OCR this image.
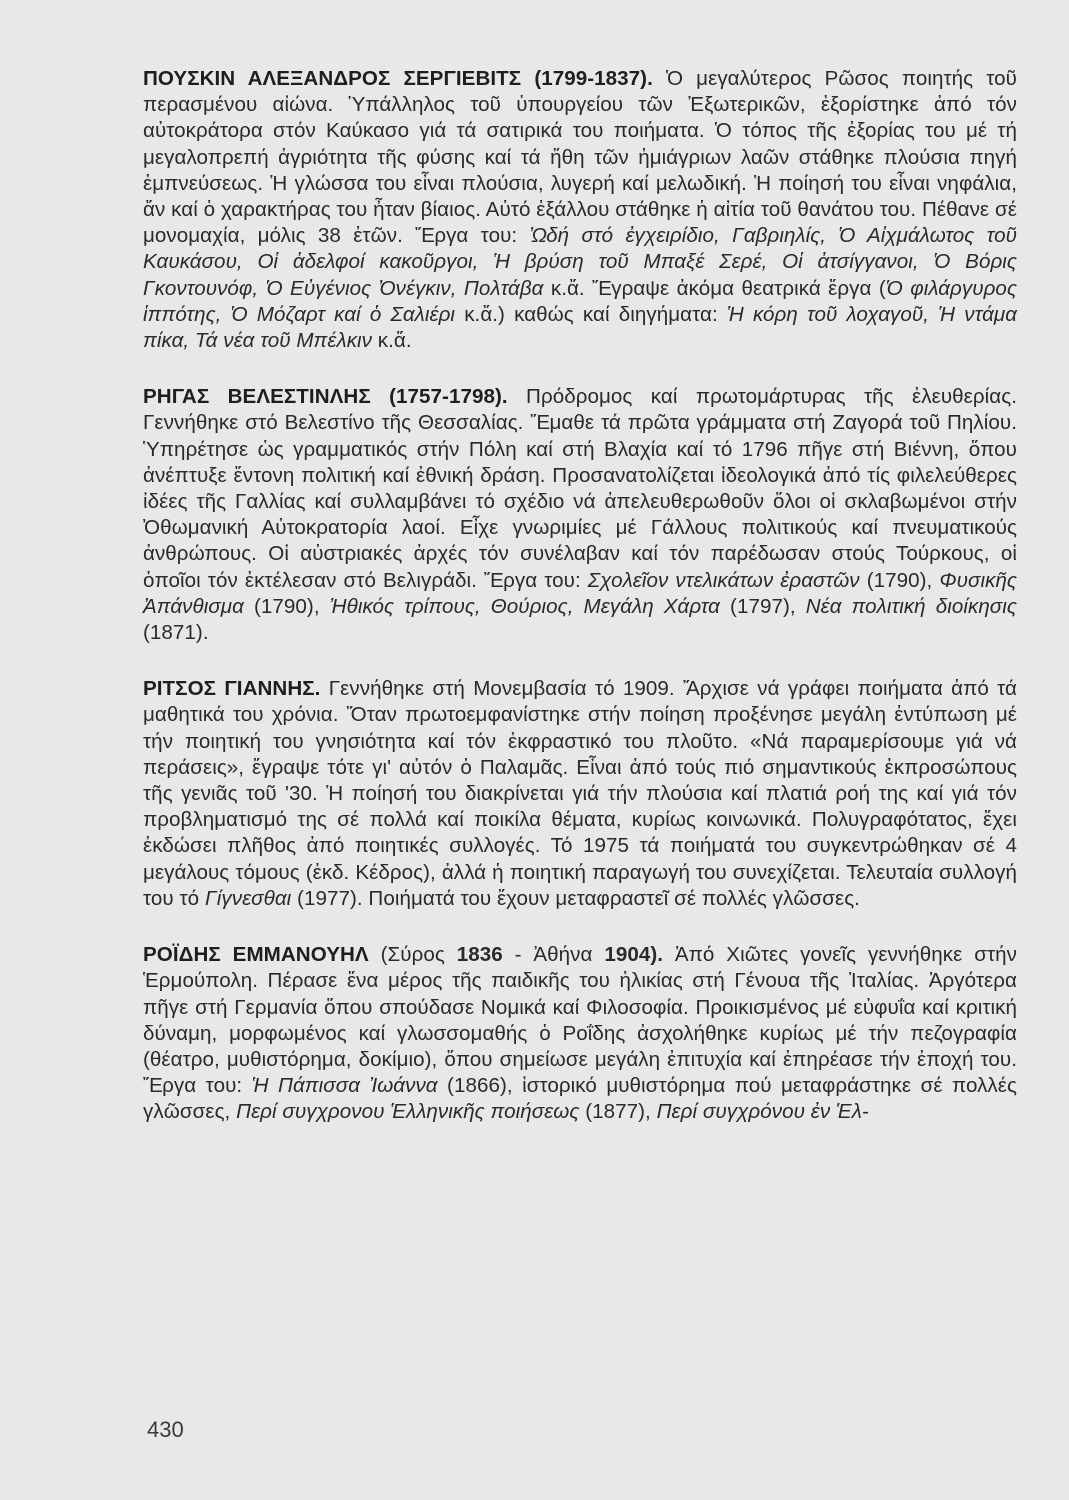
ΠΟΥΣΚΙΝ ΑΛΕΞΑΝΔΡΟΣ ΣΕΡΓΙΕΒΙΤΣ (1799-1837). Ὁ μεγαλύτερος Ρῶσος ποιητής τοῦ περασμένου αἰώνα. Ὑπάλληλος τοῦ ὑπουργείου τῶν Ἐξωτερικῶν, ἐξορίστηκε ἀπό τόν αὐτοκράτορα στόν Καύκασο γιά τά σατιρικά του ποιήματα. Ὁ τόπος τῆς ἐξορίας του μέ τή μεγαλοπρεπή ἀγριότητα τῆς φύσης καί τά ἤθη τῶν ἡμιάγριων λαῶν στάθηκε πλούσια πηγή ἐμπνεύσεως. Ἡ γλώσσα του εἶναι πλούσια, λυγερή καί μελωδική. Ἡ ποίησή του εἶναι νηφάλια, ἄν καί ὁ χαρακτήρας του ἦταν βίαιος. Αὐτό ἐξάλλου στάθηκε ἡ αἰτία τοῦ θανάτου του. Πέθανε σέ μονομαχία, μόλις 38 ἐτῶν. Ἔργα του: Ὠδή στό ἐγχειρίδιο, Γαβριηλίς, Ὁ Αἰχμάλωτος τοῦ Καυκάσου, Οἱ ἀδελφοί κακοῦργοι, Ἡ βρύση τοῦ Μπαξέ Σερέ, Οἱ ἀτσίγγανοι, Ὁ Βόρις Γκοντουνόφ, Ὁ Εὐγένιος Ὀνέγκιν, Πολτάβα κ.ἄ. Ἔγραψε ἀκόμα θεατρικά ἔργα (Ὁ φιλάργυρος ἱππότης, Ὁ Μόζαρτ καί ὁ Σαλιέρι κ.ἄ.) καθώς καί διηγήματα: Ἡ κόρη τοῦ λοχαγοῦ, Ἡ ντάμα πίκα, Τά νέα τοῦ Μπέλκιν κ.ἄ.

ΡΗΓΑΣ ΒΕΛΕΣΤΙΝΛΗΣ (1757-1798). Πρόδρομος καί πρωτομάρτυρας τῆς ἐλευθερίας. Γεννήθηκε στό Βελεστίνο τῆς Θεσσαλίας. Ἔμαθε τά πρῶτα γράμματα στή Ζαγορά τοῦ Πηλίου. Ὑπηρέτησε ὡς γραμματικός στήν Πόλη καί στή Βλαχία καί τό 1796 πῆγε στή Βιέννη, ὅπου ἀνέπτυξε ἔντονη πολιτική καί ἐθνική δράση. Προσανατολίζεται ἰδεολογικά ἀπό τίς φιλελεύθερες ἰδέες τῆς Γαλλίας καί συλλαμβάνει τό σχέδιο νά ἀπελευθερωθοῦν ὅλοι οἱ σκλαβωμένοι στήν Ὀθωμανική Αὐτοκρατορία λαοί. Εἶχε γνωριμίες μέ Γάλλους πολιτικούς καί πνευματικούς ἀνθρώπους. Οἱ αὐστριακές ἀρχές τόν συνέλαβαν καί τόν παρέδωσαν στούς Τούρκους, οἱ ὁποῖοι τόν ἐκτέλεσαν στό Βελιγράδι. Ἔργα του: Σχολεῖον ντελικάτων ἐραστῶν (1790), Φυσικῆς Ἀπάνθισμα (1790), Ἠθικός τρίπους, Θούριος, Μεγάλη Χάρτα (1797), Νέα πολιτική διοίκησις (1871).

ΡΙΤΣΟΣ ΓΙΑΝΝΗΣ. Γεννήθηκε στή Μονεμβασία τό 1909. Ἄρχισε νά γράφει ποιήματα ἀπό τά μαθητικά του χρόνια. Ὅταν πρωτοεμφανίστηκε στήν ποίηση προξένησε μεγάλη ἐντύπωση μέ τήν ποιητική του γνησιότητα καί τόν ἐκφραστικό του πλοῦτο. «Νά παραμερίσουμε γιά νά περάσεις», ἔγραψε τότε γι' αὐτόν ὁ Παλαμᾶς. Εἶναι ἀπό τούς πιό σημαντικούς ἐκπροσώπους τῆς γενιᾶς τοῦ '30. Ἡ ποίησή του διακρίνεται γιά τήν πλούσια καί πλατιά ροή της καί γιά τόν προβληματισμό της σέ πολλά καί ποικίλα θέματα, κυρίως κοινωνικά. Πολυγραφότατος, ἔχει ἐκδώσει πλῆθος ἀπό ποιητικές συλλογές. Τό 1975 τά ποιήματά του συγκεντρώθηκαν σέ 4 μεγάλους τόμους (ἐκδ. Κέδρος), ἀλλά ἡ ποιητική παραγωγή του συνεχίζεται. Τελευταία συλλογή του τό Γίγνεσθαι (1977). Ποιήματά του ἔχουν μεταφραστεῖ σέ πολλές γλῶσσες.

ΡΟΪΔΗΣ ΕΜΜΑΝΟΥΗΛ (Σύρος 1836 - Ἀθήνα 1904). Ἀπό Χιῶτες γονεῖς γεννήθηκε στήν Ἑρμούπολη. Πέρασε ἕνα μέρος τῆς παιδικῆς του ἡλικίας στή Γένουα τῆς Ἰταλίας. Ἀργότερα πῆγε στή Γερμανία ὅπου σπούδασε Νομικά καί Φιλοσοφία. Προικισμένος μέ εὐφυΐα καί κριτική δύναμη, μορφωμένος καί γλωσσομαθής ὁ Ροΐδης ἀσχολήθηκε κυρίως μέ τήν πεζογραφία (θέατρο, μυθιστόρημα, δοκίμιο), ὅπου σημείωσε μεγάλη ἐπιτυχία καί ἐπηρέασε τήν ἐποχή του. Ἔργα του: Ἡ Πάπισσα Ἰωάννα (1866), ἱστορικό μυθιστόρημα πού μεταφράστηκε σέ πολλές γλῶσσες, Περί συγχρονου Ἑλληνικῆς ποιήσεως (1877), Περί συγχρόνου ἐν Ἑλ-

430
